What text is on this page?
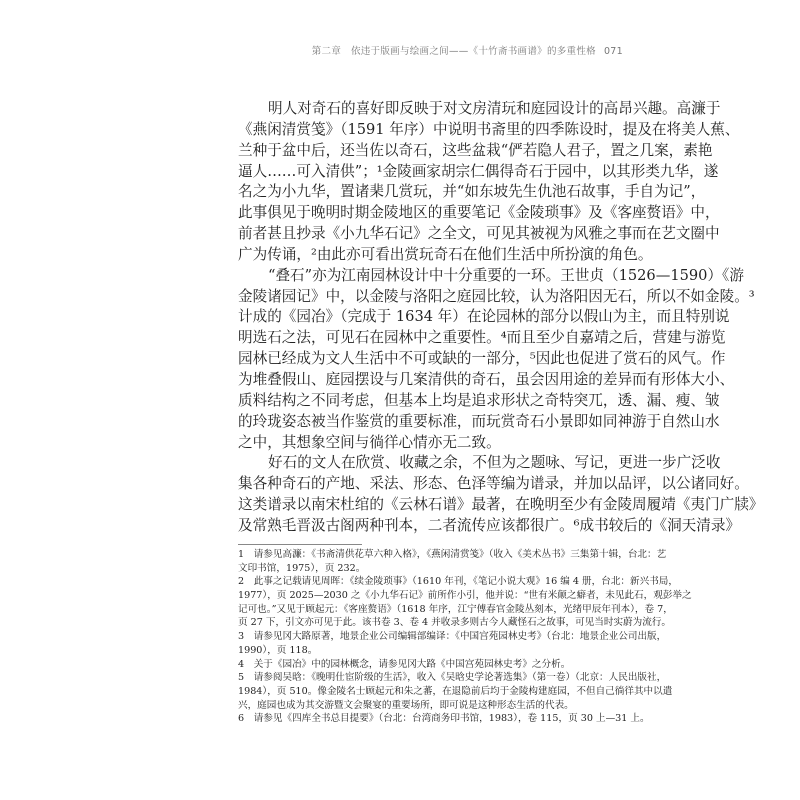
第二章　依违于版画与绘画之间——《十竹斋书画谱》的多重性格 071
明人对奇石的喜好即反映于对文房清玩和庭园设计的高昂兴趣。高濂于
《燕闲清赏笺》（1591 年序）中说明书斋里的四季陈设时，提及在将美人蕉、
兰种于盆中后，还当佐以奇石，这些盆栽“俨若隐人君子，置之几案，素艳
逼人……可入清供”；¹金陵画家胡宗仁偶得奇石于园中，以其形类九华，遂
名之为小九华，置诸棐几赏玩，并“如东坡先生仇池石故事，手自为记”，
此事俱见于晚明时期金陵地区的重要笔记《金陵琐事》及《客座赘语》中，
前者甚且抄录《小九华石记》之全文，可见其被视为风雅之事而在艺文圈中
广为传诵，²由此亦可看出赏玩奇石在他们生活中所扮演的角色。
“叠石”亦为江南园林设计中十分重要的一环。王世贞（1526—1590）《游
金陵诸园记》中，以金陵与洛阳之庭园比较，认为洛阳因无石，所以不如金陵。³
计成的《园冶》（完成于 1634 年）在论园林的部分以假山为主，而且特别说
明选石之法，可见石在园林中之重要性。⁴而且至少自嘉靖之后，营建与游览
园林已经成为文人生活中不可或缺的一部分，⁵因此也促进了赏石的风气。作
为堆叠假山、庭园摆设与几案清供的奇石，虽会因用途的差异而有形体大小、
质料结构之不同考虑，但基本上均是追求形状之奇特突兀，透、漏、瘦、皱
的玲珑姿态被当作鉴赏的重要标准，而玩赏奇石小景即如同神游于自然山水
之中，其想象空间与徜徉心情亦无二致。
好石的文人在欣赏、收藏之余，不但为之题咏、写记，更进一步广泛收
集各种奇石的产地、采法、形态、色泽等编为谱录，并加以品评，以公诸同好。
这类谱录以南宋杜绾的《云林石谱》最著，在晚明至少有金陵周履靖《夷门广牍》
及常熟毛晋汲古阁两种刊本，二者流传应该都很广。⁶成书较后的《洞天清录》
1　请参见高濂：《书斋清供花草六种入格》，《燕闲清赏笺》（收入《美术丛书》三集第十辑，台北：艺
文印书馆，1975），页 232。
2　此事之记载请见周晖：《续金陵琐事》（1610 年刊，《笔记小说大观》16 编 4 册，台北：新兴书局，
1977），页 2025—2030 之《小九华石记》前所作小引，他并说：“世有米颠之癖者，未见此石，观彭举之
记可也。”又见于顾起元：《客座赘语》（1618 年序，江宁傅春官金陵丛刻本，光绪甲辰年刊本），卷 7，
页 27 下，引文亦可见于此。该书卷 3、卷 4 并收录多则古今人藏怪石之故事，可见当时实蔚为流行。
3　请参见冈大路原著，地景企业公司编辑部编译：《中国宫苑园林史考》（台北：地景企业公司出版，
1990），页 118。
4　关于《园冶》中的园林概念，请参见冈大路《中国宫苑园林史考》之分析。
5　请参阅吴晗：《晚明仕宦阶级的生活》，收入《吴晗史学论著选集》（第一卷）（北京：人民出版社，
1984），页 510。像金陵名士顾起元和朱之蕃，在退隐前后均于金陵构建庭园，不但自己徜徉其中以遣
兴，庭园也成为其交游暨文会聚宴的重要场所，即可说是这种形态生活的代表。
6　请参见《四库全书总目提要》（台北：台湾商务印书馆，1983），卷 115，页 30 上—31 上。
